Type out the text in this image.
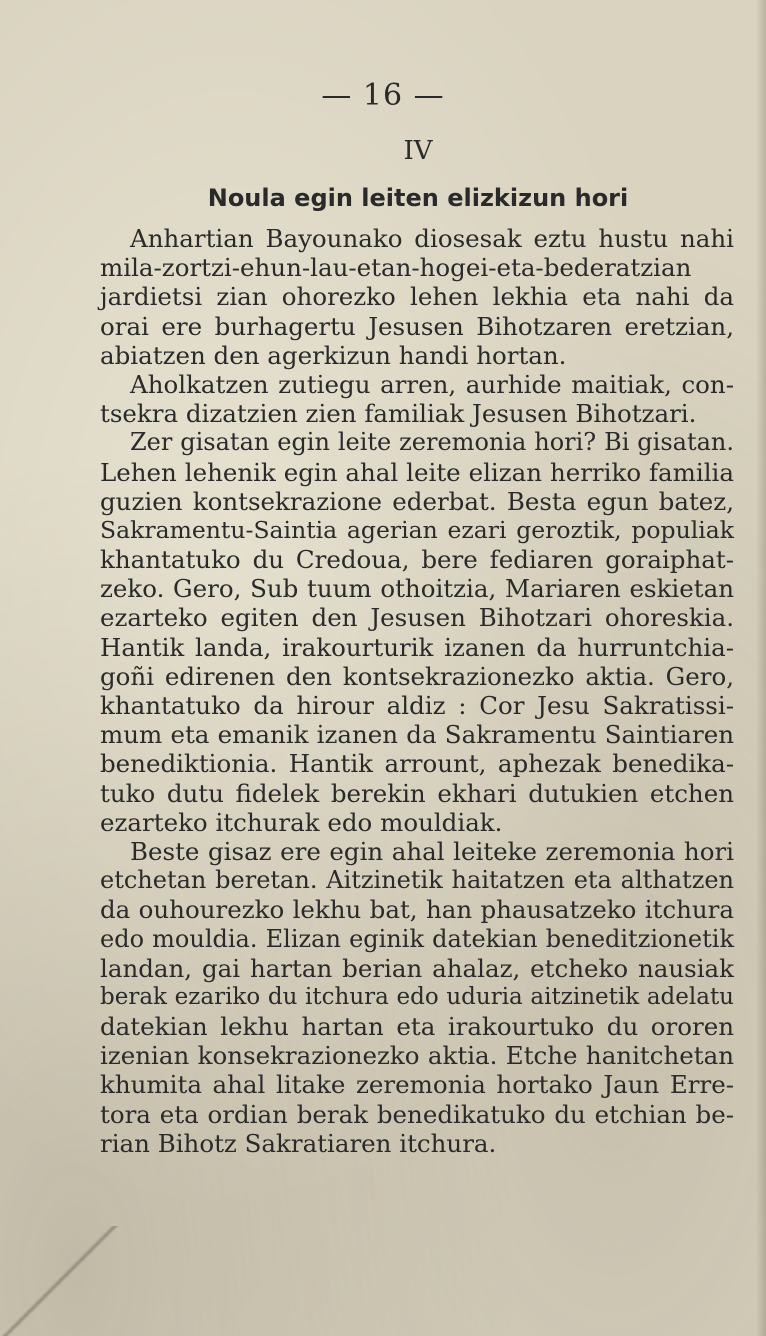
— 16 —
IV
Noula egin leiten elizkizun hori
Anhartian Bayounako diosesak eztu hustu nahi
mila-zortzi-ehun-lau-etan-hogei-eta-bederatzian
jardietsi zian ohorezko lehen lekhia eta nahi da
orai ere burhagertu Jesusen Bihotzaren eretzian,
abiatzen den agerkizun handi hortan.
Aholkatzen zutiegu arren, aurhide maitiak, con-
tsekra dizatzien zien familiak Jesusen Bihotzari.
Zer gisatan egin leite zeremonia hori? Bi gisatan.
Lehen lehenik egin ahal leite elizan herriko familia
guzien kontsekrazione ederbat. Besta egun batez,
Sakramentu-Saintia agerian ezari geroztik, populiak
khantatuko du Credoua, bere fediaren goraiphat-
zeko. Gero, Sub tuum othoitzia, Mariaren eskietan
ezarteko egiten den Jesusen Bihotzari ohoreskia.
Hantik landa, irakourturik izanen da hurruntchia-
goñi edirenen den kontsekrazionezko aktia. Gero,
khantatuko da hirour aldiz : Cor Jesu Sakratissi-
mum eta emanik izanen da Sakramentu Saintiaren
benediktionia. Hantik arrount, aphezak benedika-
tuko dutu fidelek berekin ekhari dutukien etchen
ezarteko itchurak edo mouldiak.
Beste gisaz ere egin ahal leiteke zeremonia hori
etchetan beretan. Aitzinetik haitatzen eta althatzen
da ouhourezko lekhu bat, han phausatzeko itchura
edo mouldia. Elizan eginik datekian beneditzionetik
landan, gai hartan berian ahalaz, etcheko nausiak
berak ezariko du itchura edo uduria aitzinetik adelatu
datekian lekhu hartan eta irakourtuko du ororen
izenian konsekrazionezko aktia. Etche hanitchetan
khumita ahal litake zeremonia hortako Jaun Erre-
tora eta ordian berak benedikatuko du etchian be-
rian Bihotz Sakratiaren itchura.
